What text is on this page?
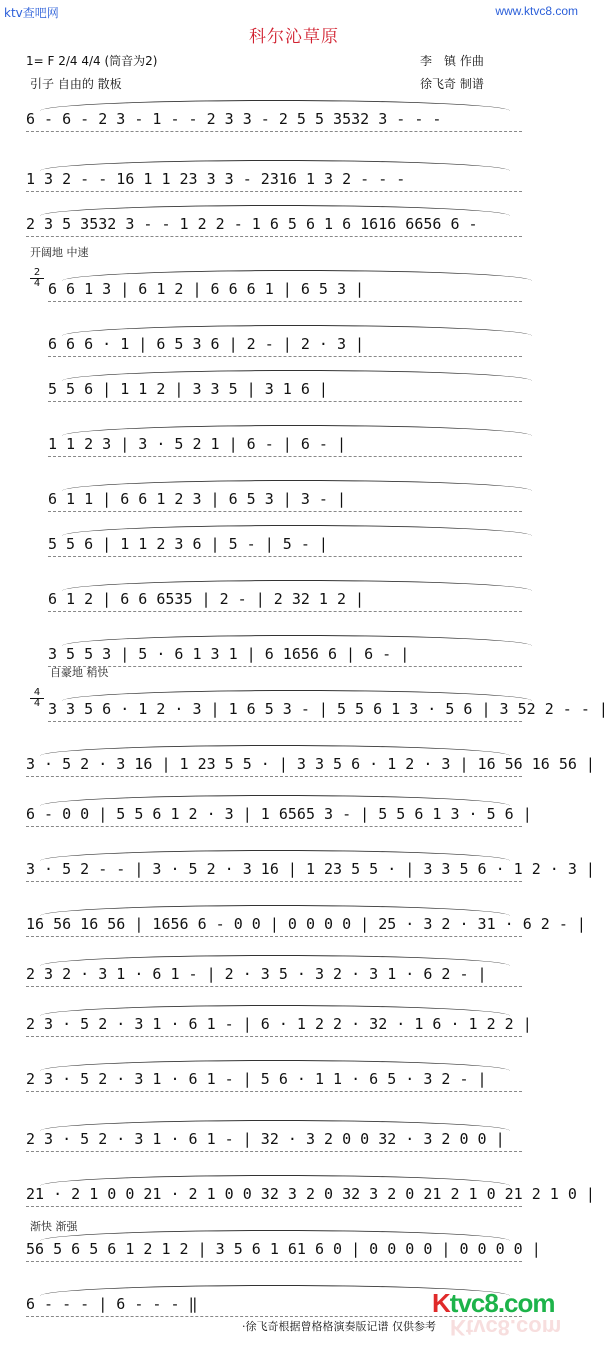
ktv查吧网	www.ktvc8.com
科尔沁草原
1= F 2/4 4/4 (筒音为2)	李　镇 作曲
引子 自由的 散板	徐飞奇 制谱
开阔地 中速
自豪地 稍快
渐快 渐强
2
4
4
4
6 - 6 - 2 3 - 1 - - 2 3 3 - 2 5 5 3532 3 - - -
1 3 2 - - 16 1 1 23 3 3 - 2316 1 3 2 - - -
2 3 5 3532 3 - - 1 2 2 - 1 6 5 6 1 6 1616 6656 6 -
6 6 1 3 | 6 1 2 | 6 6 6 1 | 6 5 3 |
6 6 6 · 1 | 6 5 3 6 | 2 - | 2 · 3 |
5 5 6 | 1 1 2 | 3 3 5 | 3 1 6 |
1 1 2 3 | 3 · 5 2 1 | 6 - | 6 - |
6 1 1 | 6 6 1 2 3 | 6 5 3 | 3 - |
5 5 6 | 1 1 2 3 6 | 5 - | 5 - |
6 1 2 | 6 6 6535 | 2 - | 2 32 1 2 |
3 5 5 3 | 5 · 6 1 3 1 | 6 1656 6 | 6 - |
3 3 5 6 · 1 2 · 3 | 1 6 5 3 - | 5 5 6 1 3 · 5 6 | 3 52 2 - - |
3 · 5 2 · 3 16 | 1 23 5 5 · | 3 3 5 6 · 1 2 · 3 | 16 56 16 56 |
6 - 0 0 | 5 5 6 1 2 · 3 | 1 6565 3 - | 5 5 6 1 3 · 5 6 |
3 · 5 2 - - | 3 · 5 2 · 3 16 | 1 23 5 5 · | 3 3 5 6 · 1 2 · 3 |
16 56 16 56 | 1656 6 - 0 0 | 0 0 0 0 | 25 · 3 2 · 31 · 6 2 - |
2 3 2 · 3 1 · 6 1 - | 2 · 3 5 · 3 2 · 3 1 · 6 2 - |
2 3 · 5 2 · 3 1 · 6 1 - | 6 · 1 2 2 · 32 · 1 6 · 1 2 2 |
2 3 · 5 2 · 3 1 · 6 1 - | 5 6 · 1 1 · 6 5 · 3 2 - |
2 3 · 5 2 · 3 1 · 6 1 - | 32 · 3 2 0 0 32 · 3 2 0 0 |
21 · 2 1 0 0 21 · 2 1 0 0 32 3 2 0 32 3 2 0 21 2 1 0 21 2 1 0 |
56 5 6 5 6 1 2 1 2 | 3 5 6 1 61 6 0 | 0 0 0 0 | 0 0 0 0 |
6 - - - | 6 - - - ‖
·徐飞奇根据曾格格演奏版记谱 仅供参考
Ktvc8.com
Ktvc8.com
